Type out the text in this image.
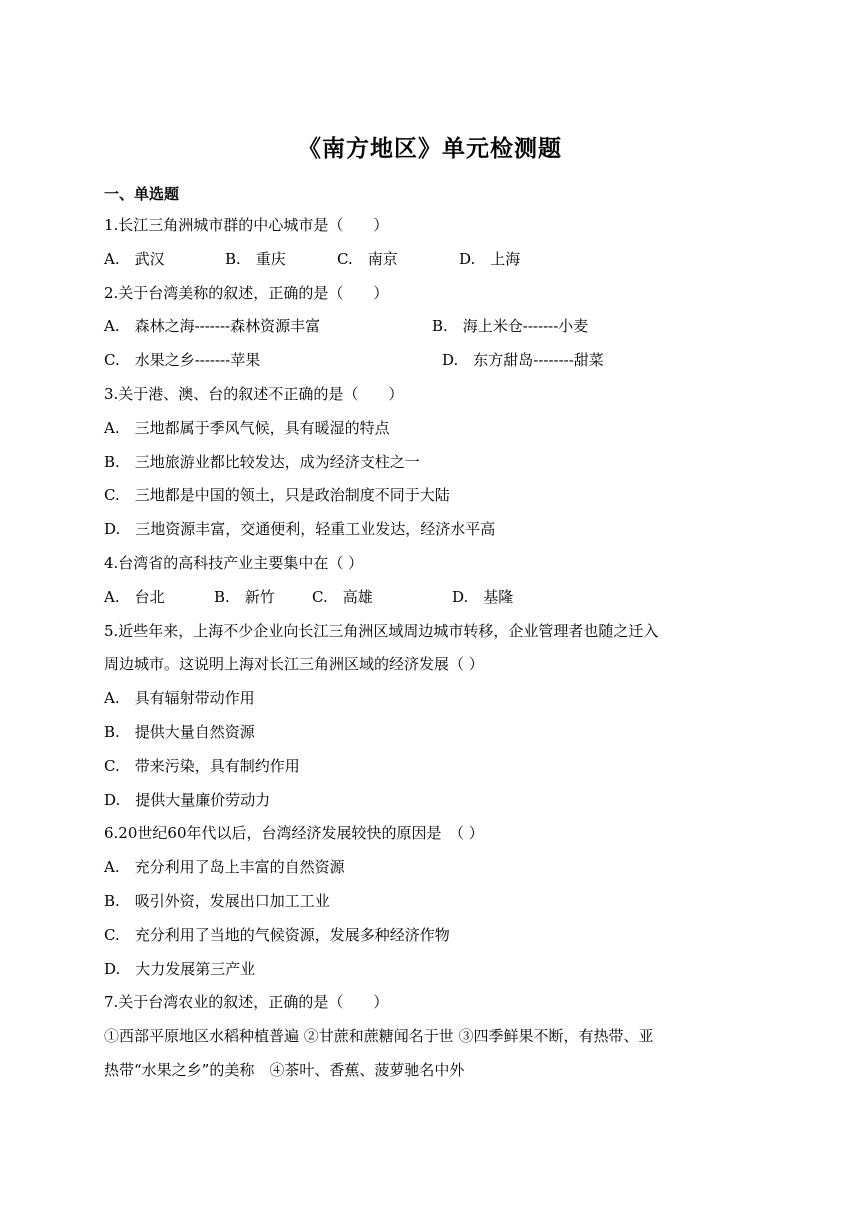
《南方地区》单元检测题
一、单选题
1.长江三角洲城市群的中心城市是（　　）
A.　武汉	B.　重庆	C.　南京	D.　上海
2.关于台湾美称的叙述，正确的是（　　）
A.　森林之海-------森林资源丰富	B.　海上米仓-------小麦
C.　水果之乡-------苹果	D.　东方甜岛--------甜菜
3.关于港、澳、台的叙述不正确的是（　　）
A.　三地都属于季风气候，具有暖湿的特点
B.　三地旅游业都比较发达，成为经济支柱之一
C.　三地都是中国的领土，只是政治制度不同于大陆
D.　三地资源丰富，交通便利，轻重工业发达，经济水平高
4.台湾省的高科技产业主要集中在（ ）
A.　台北	B.　新竹 C.　高雄	D.　基隆
5.近些年来，上海不少企业向长江三角洲区域周边城市转移，企业管理者也随之迁入
周边城市。这说明上海对长江三角洲区域的经济发展（ ）
A.　具有辐射带动作用
B.　提供大量自然资源
C.　带来污染，具有制约作用
D.　提供大量廉价劳动力
6.20世纪60年代以后，台湾经济发展较快的原因是　（ ）
A.　充分利用了岛上丰富的自然资源
B.　吸引外资，发展出口加工工业
C.　充分利用了当地的气候资源，发展多种经济作物
D.　大力发展第三产业
7.关于台湾农业的叙述，正确的是（　　）
①西部平原地区水稻种植普遍 ②甘蔗和蔗糖闻名于世 ③四季鲜果不断，有热带、亚
热带“水果之乡”的美称　④茶叶、香蕉、菠萝驰名中外
